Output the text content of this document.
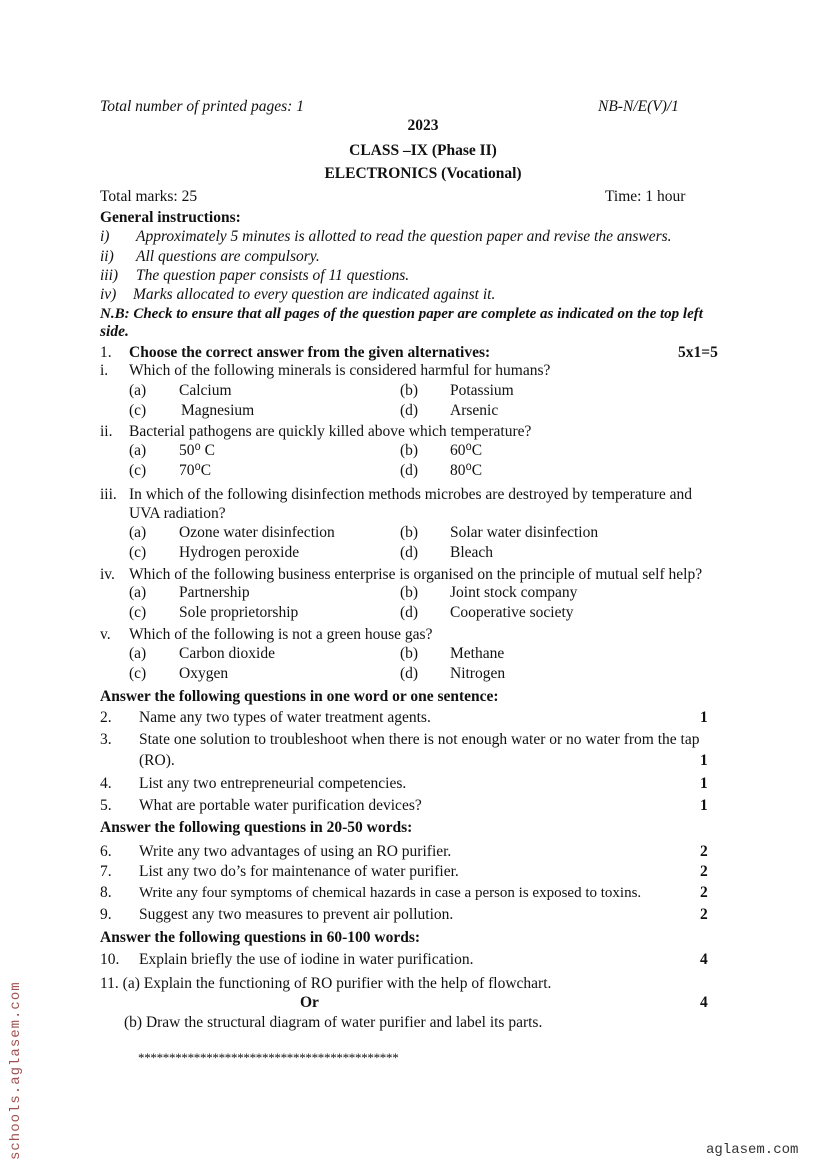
Total number of printed pages: 1	NB-N/E(V)/1
2023
CLASS –IX (Phase II)
ELECTRONICS (Vocational)
Total marks: 25	Time: 1 hour
General instructions:
i) Approximately 5 minutes is allotted to read the question paper and revise the answers.
ii) All questions are compulsory.
iii) The question paper consists of 11 questions.
iv) Marks allocated to every question are indicated against it.
N.B: Check to ensure that all pages of the question paper are complete as indicated on the top left
side.
1. Choose the correct answer from the given alternatives:	5x1=5
i. Which of the following minerals is considered harmful for humans?
(a) Calcium	(b) Potassium
(c) Magnesium	(d) Arsenic
ii. Bacterial pathogens are quickly killed above which temperature?
(a) 50⁰ C	(b) 60⁰C
(c) 70⁰C	(d) 80⁰C
iii. In which of the following disinfection methods microbes are destroyed by temperature and
UVA radiation?
(a) Ozone water disinfection	(b) Solar water disinfection
(c) Hydrogen peroxide	(d) Bleach
iv. Which of the following business enterprise is organised on the principle of mutual self help?
(a) Partnership	(b) Joint stock company
(c) Sole proprietorship	(d) Cooperative society
v. Which of the following is not a green house gas?
(a) Carbon dioxide	(b) Methane
(c) Oxygen	(d) Nitrogen
Answer the following questions in one word or one sentence:
2. Name any two types of water treatment agents.	1
3. State one solution to troubleshoot when there is not enough water or no water from the tap
(RO).	1
4. List any two entrepreneurial competencies.	1
5. What are portable water purification devices?	1
Answer the following questions in 20-50 words:
6. Write any two advantages of using an RO purifier.	2
7. List any two do’s for maintenance of water purifier.	2
8. Write any four symptoms of chemical hazards in case a person is exposed to toxins.	2
9. Suggest any two measures to prevent air pollution.	2
Answer the following questions in 60-100 words:
10. Explain briefly the use of iodine in water purification.	4
11. (a) Explain the functioning of RO purifier with the help of flowchart.
Or	4
(b) Draw the structural diagram of water purifier and label its parts.
******************************************
schools.aglasem.com	aglasem.com
